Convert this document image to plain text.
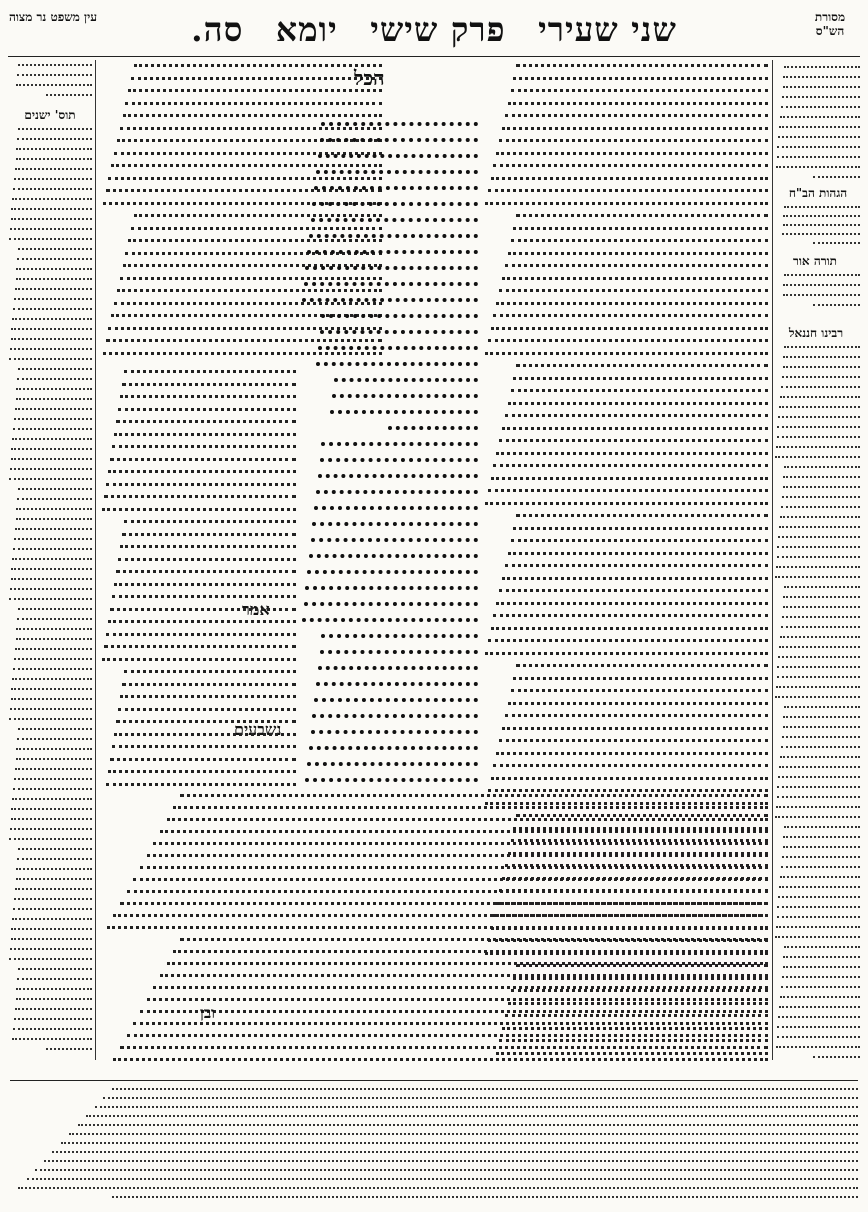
מסורת הש"ס
שני שעירי פרק שישי יומא סה.
עין משפט נר מצוה
הגהות הב"ח
תורה אור
רבינו חננאל
תוס' ישנים
הכל
אמר
נשבעים
ובן
